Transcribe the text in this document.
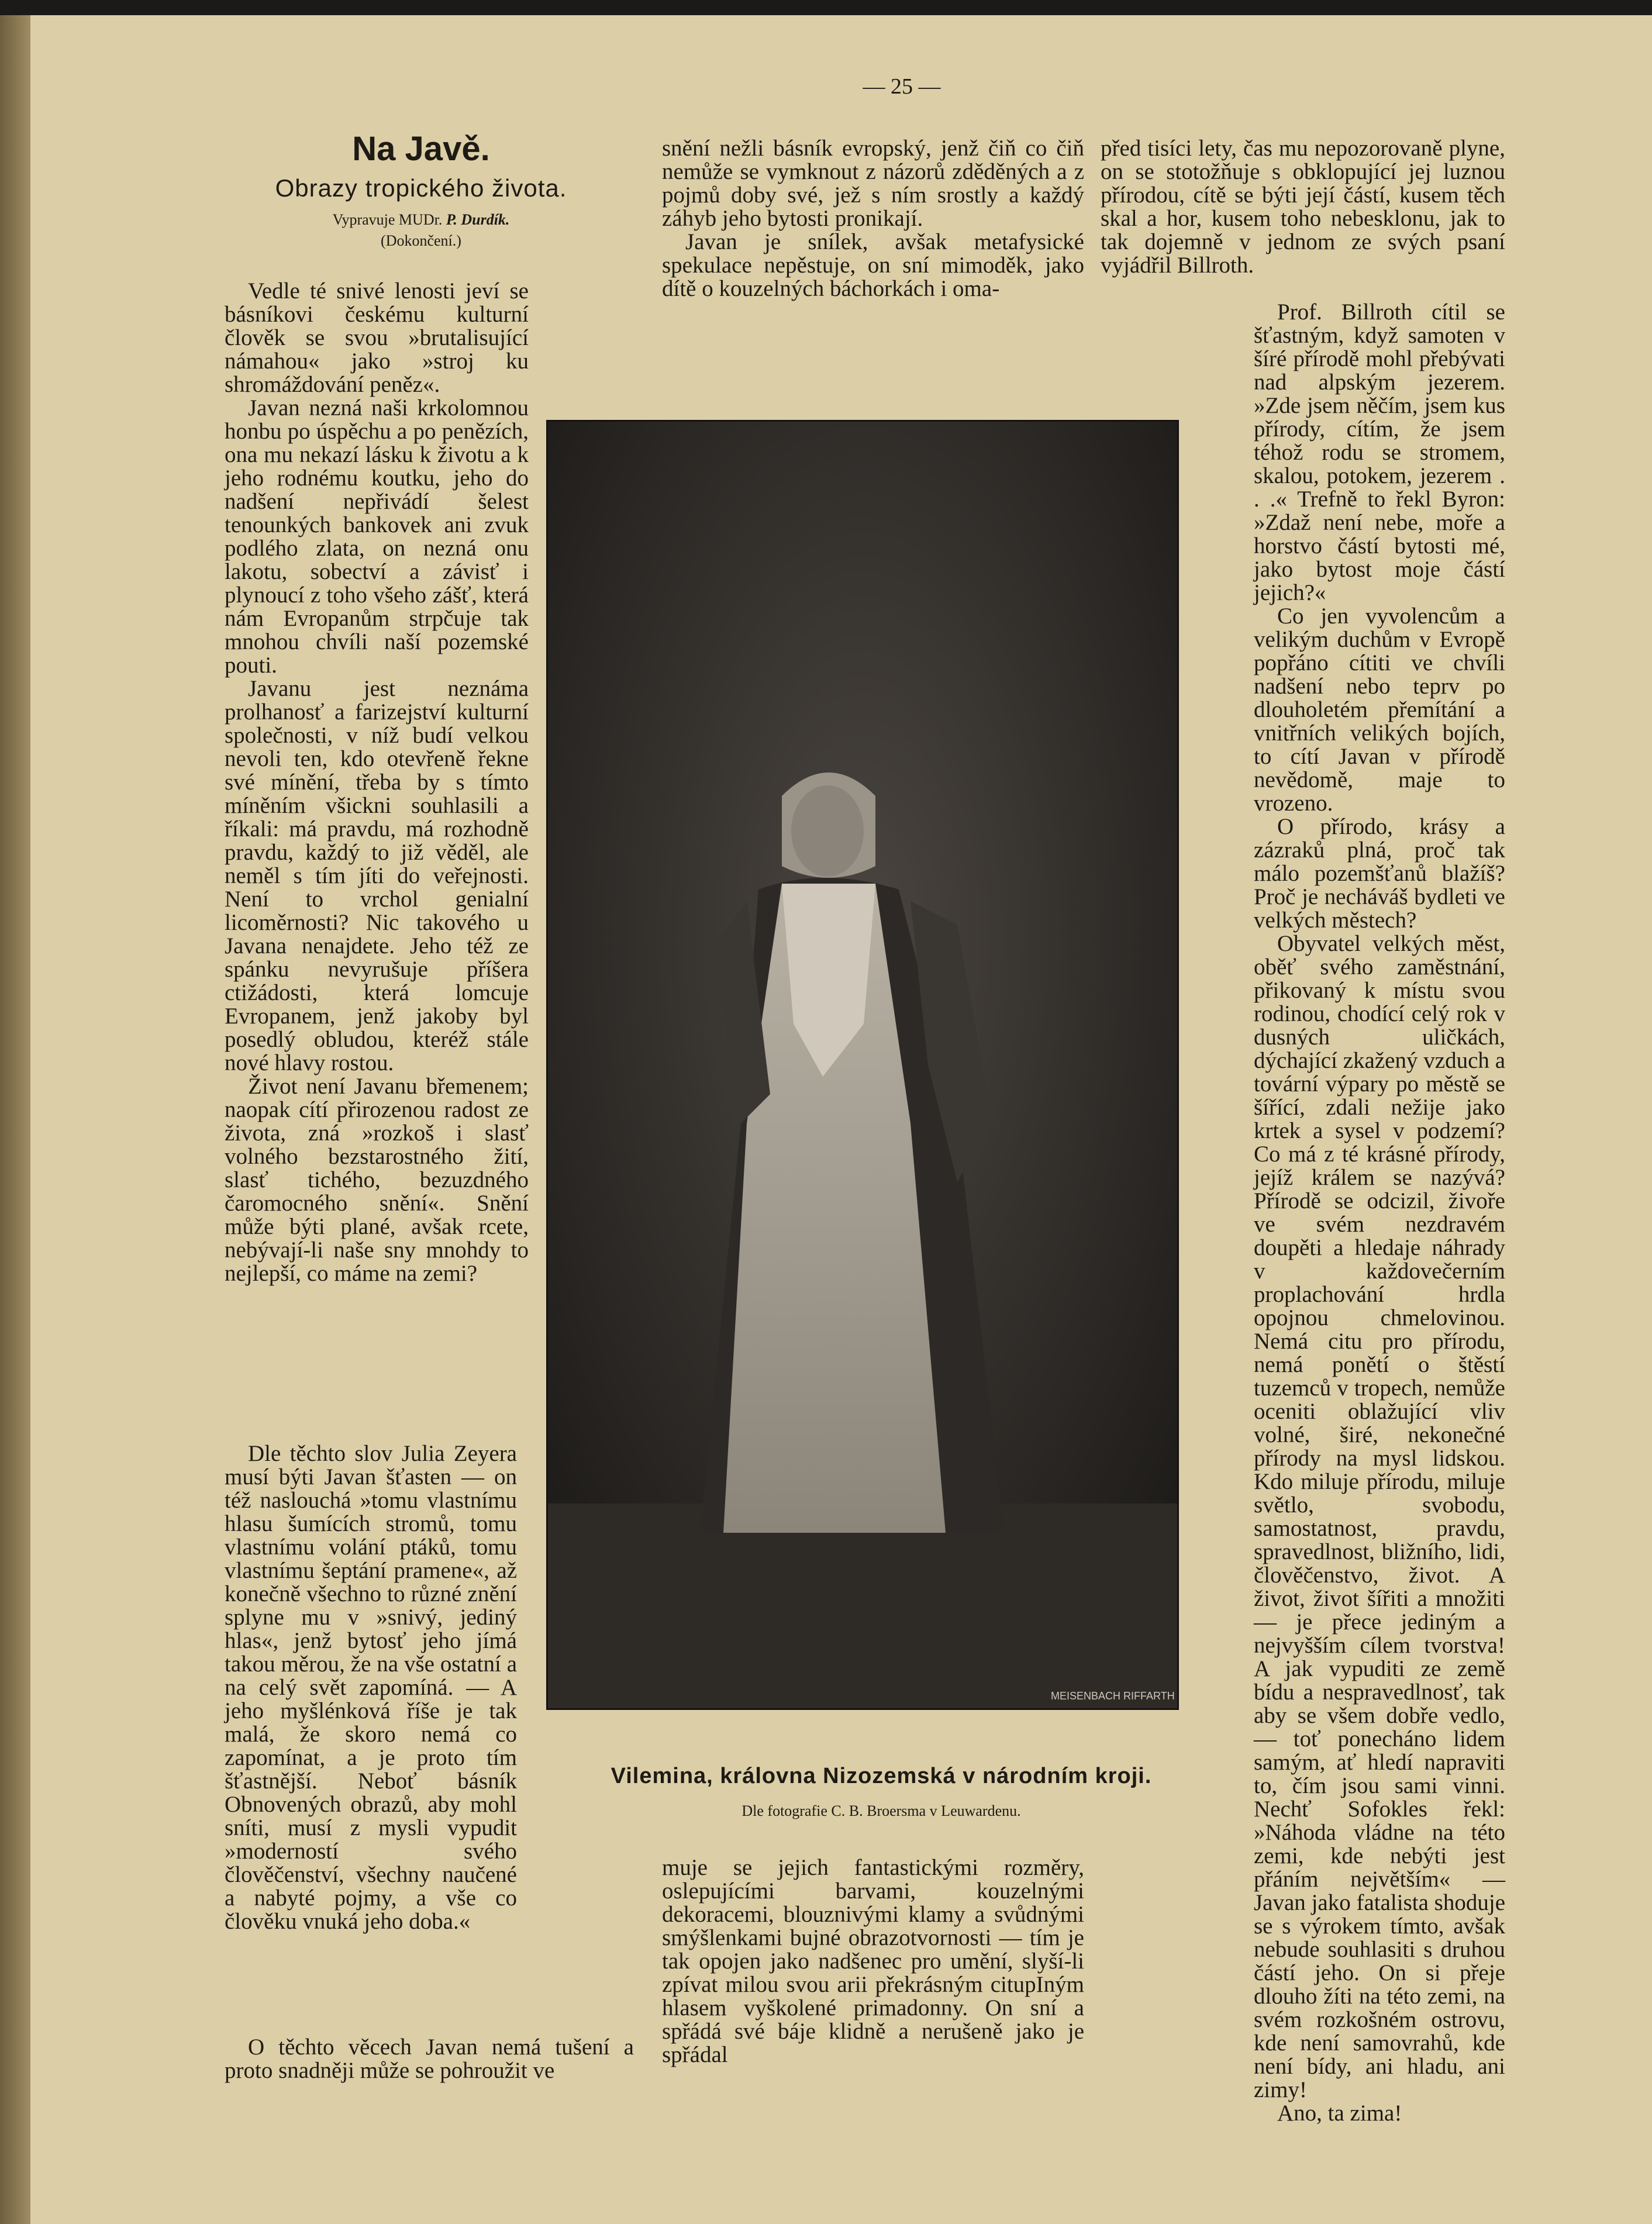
— 25 —
Na Javě.
Obrazy tropického života.
Vypravuje MUDr. P. Durdík.
(Dokončení.)

Vedle té snivé lenosti jeví se básníkovi českému kulturní člověk se svou »brutalisující námahou« jako »stroj ku shromáždování peněz«.

Javan nezná naši krkolomnou honbu po úspěchu a po penězích, ona mu nekazí lásku k životu a k jeho rodnému koutku, jeho do nadšení nepřivádí šelest tenounkých bankovek ani zvuk podlého zlata, on nezná onu lakotu, sobectví a závisť i plynoucí z toho všeho zášť, která nám Evropanům strpčuje tak mnohou chvíli naší pozemské pouti.

Javanu jest neznáma prolhanosť a farizejství kulturní společnosti, v níž budí velkou nevoli ten, kdo otevřeně řekne své mínění, třeba by s tímto míněním všickni souhlasili a říkali: má pravdu, má rozhodně pravdu, každý to již věděl, ale neměl s tím jíti do veřejnosti. Není to vrchol genialní licoměrnosti? Nic takového u Javana nenajdete. Jeho též ze spánku nevyrušuje příšera ctižádosti, která lomcuje Evropanem, jenž jakoby byl posedlý obludou, kteréž stále nové hlavy rostou.

Život není Javanu břemenem; naopak cítí přirozenou radost ze života, zná »rozkoš i slasť volného bezstarostného žití, slasť tichého, bezuzdného čaromocného snění«. Snění může býti plané, avšak rcete, nebývají-li naše sny mnohdy to nejlepší, co máme na zemi?

Dle těchto slov Julia Zeyera musí býti Javan šťasten — on též naslouchá »tomu vlastnímu hlasu šumících stromů, tomu vlastnímu volání ptáků, tomu vlastnímu šeptání pramene«, až konečně všechno to různé znění splyne mu v »snivý, jediný hlas«, jenž bytosť jeho jímá takou měrou, že na vše ostatní a na celý svět zapomíná. — A jeho myšlénková říše je tak malá, že skoro nemá co zapomínat, a je proto tím šťastnější. Neboť básník Obnovených obrazů, aby mohl sníti, musí z mysli vypudit »moderností svého člověčenství, všechny naučené a nabyté pojmy, a vše co člověku vnuká jeho doba.«

O těchto věcech Javan nemá tušení a proto snadněji může se pohroužit ve

snění nežli básník evropský, jenž čiň co čiň nemůže se vymknout z názorů zděděných a z pojmů doby své, jež s ním srostly a každý záhyb jeho bytosti pronikají.

Javan je snílek, avšak metafysické spekulace nepěstuje, on sní mimoděk, jako dítě o kouzelných báchorkách i oma-

MEISENBACH RIFFARTH
Vilemina, královna Nizozemská v národním kroji.
Dle fotografie C. B. Broersma v Leuwardenu.

muje se jejich fantastickými rozměry, oslepujícími barvami, kouzelnými dekoracemi, blouznivými klamy a svůdnými smýšlenkami bujné obrazotvornosti — tím je tak opojen jako nadšenec pro umění, slyší-li zpívat milou svou arii překrásným citupIným hlasem vyškolené primadonny. On sní a spřádá své báje klidně a nerušeně jako je spřádal

před tisíci lety, čas mu nepozorovaně plyne, on se stotožňuje s obklopující jej luznou přírodou, cítě se býti její částí, kusem těch skal a hor, kusem toho nebesklonu, jak to tak dojemně v jednom ze svých psaní vyjádřil Billroth.

Prof. Billroth cítil se šťastným, když samoten v šíré přírodě mohl přebývati nad alpským jezerem. »Zde jsem něčím, jsem kus přírody, cítím, že jsem téhož rodu se stromem, skalou, potokem, jezerem . . .« Trefně to řekl Byron: »Zdaž není nebe, moře a horstvo částí bytosti mé, jako bytost moje částí jejich?«

Co jen vyvolencům a velikým duchům v Evropě popřáno cítiti ve chvíli nadšení nebo teprv po dlouholetém přemítání a vnitřních velikých bojích, to cítí Javan v přírodě nevědomě, maje to vrozeno.

O přírodo, krásy a zázraků plná, proč tak málo pozemšťanů blažíš? Proč je necháváš bydleti ve velkých městech?

Obyvatel velkých měst, oběť svého zaměstnání, přikovaný k místu svou rodinou, chodící celý rok v dusných uličkách, dýchající zkažený vzduch a tovární výpary po městě se šířící, zdali nežije jako krtek a sysel v podzemí? Co má z té krásné přírody, jejíž králem se nazývá? Přírodě se odcizil, živoře ve svém nezdravém doupěti a hledaje náhrady v každovečerním proplachování hrdla opojnou chmelovinou. Nemá citu pro přírodu, nemá ponětí o štěstí tuzemců v tropech, nemůže oceniti oblažující vliv volné, širé, nekonečné přírody na mysl lidskou. Kdo miluje přírodu, miluje světlo, svobodu, samostatnost, pravdu, spravedlnost, bližního, lidi, člověčenstvo, život. A život, život šířiti a množiti — je přece jediným a nejvyšším cílem tvorstva! A jak vypuditi ze země bídu a nespravedlnosť, tak aby se všem dobře vedlo, — toť ponecháno lidem samým, ať hledí napraviti to, čím jsou sami vinni. Nechť Sofokles řekl: »Náhoda vládne na této zemi, kde nebýti jest přáním největším« — Javan jako fatalista shoduje se s výrokem tímto, avšak nebude souhlasiti s druhou částí jeho. On si přeje dlouho žíti na této zemi, na svém rozkošném ostrovu, kde není samovrahů, kde není bídy, ani hladu, ani zimy!

Ano, ta zima!
